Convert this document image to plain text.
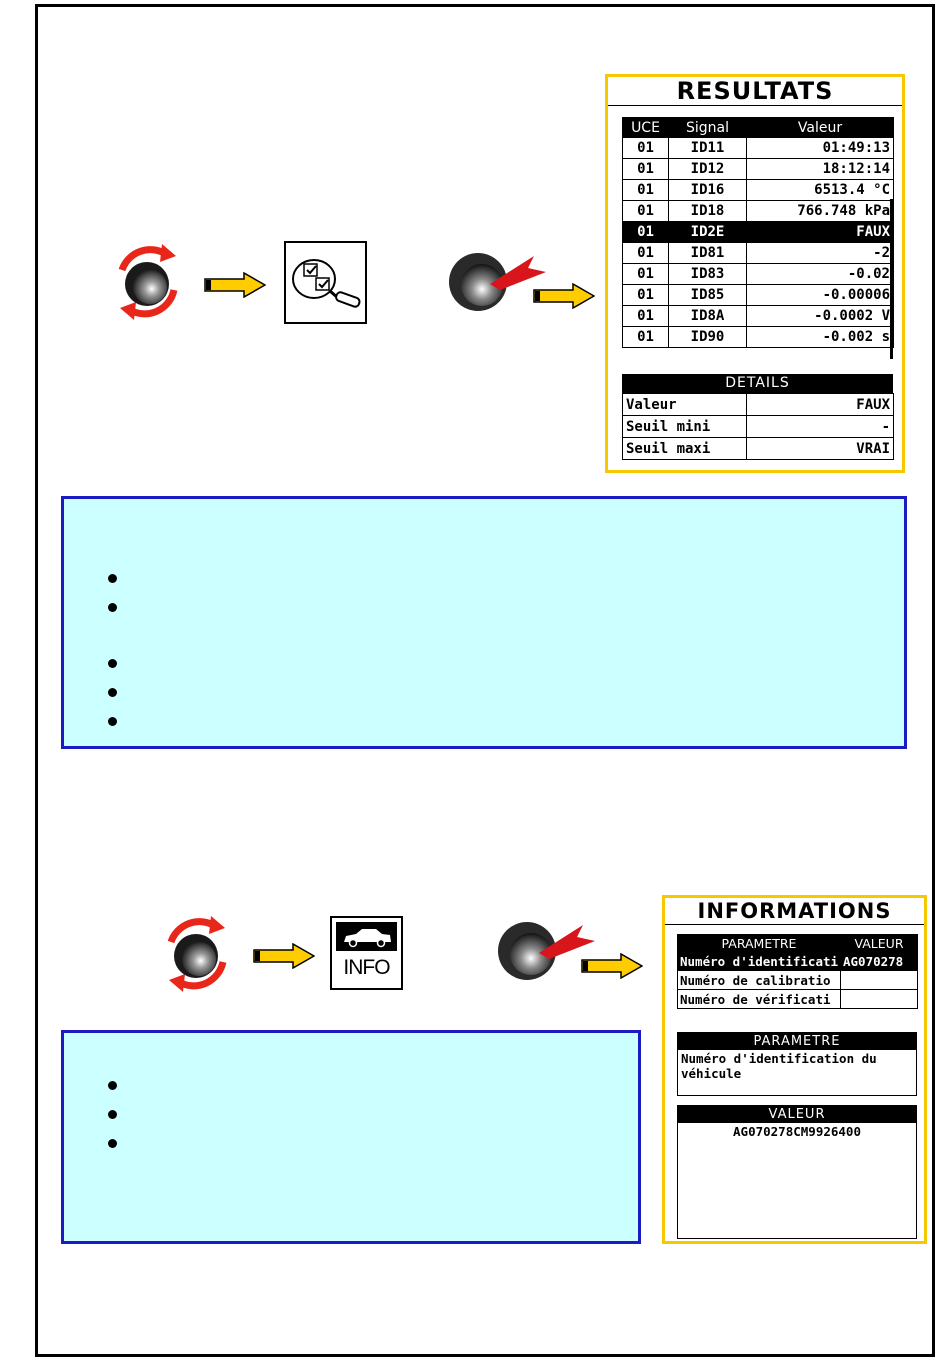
RESULTATS
UCE	Signal	Valeur
01	ID11	01:49:13
01	ID12	18:12:14
01	ID16	6513.4 °C
01	ID18	766.748 kPa
01	ID2E	FAUX
01	ID81	-2
01	ID83	-0.02
01	ID85	-0.00006
01	ID8A	-0.0002 V
01	ID90	-0.002 s
DETAILS
Valeur	FAUX
Seuil mini	-
Seuil maxi	VRAI
INFO
INFORMATIONS
PARAMETRE	VALEUR
Numéro d'identificati	AG070278
Numéro de calibratio	
Numéro de vérificati	
PARAMETRE
Numéro d'identification du véhicule
VALEUR
AG070278CM9926400
